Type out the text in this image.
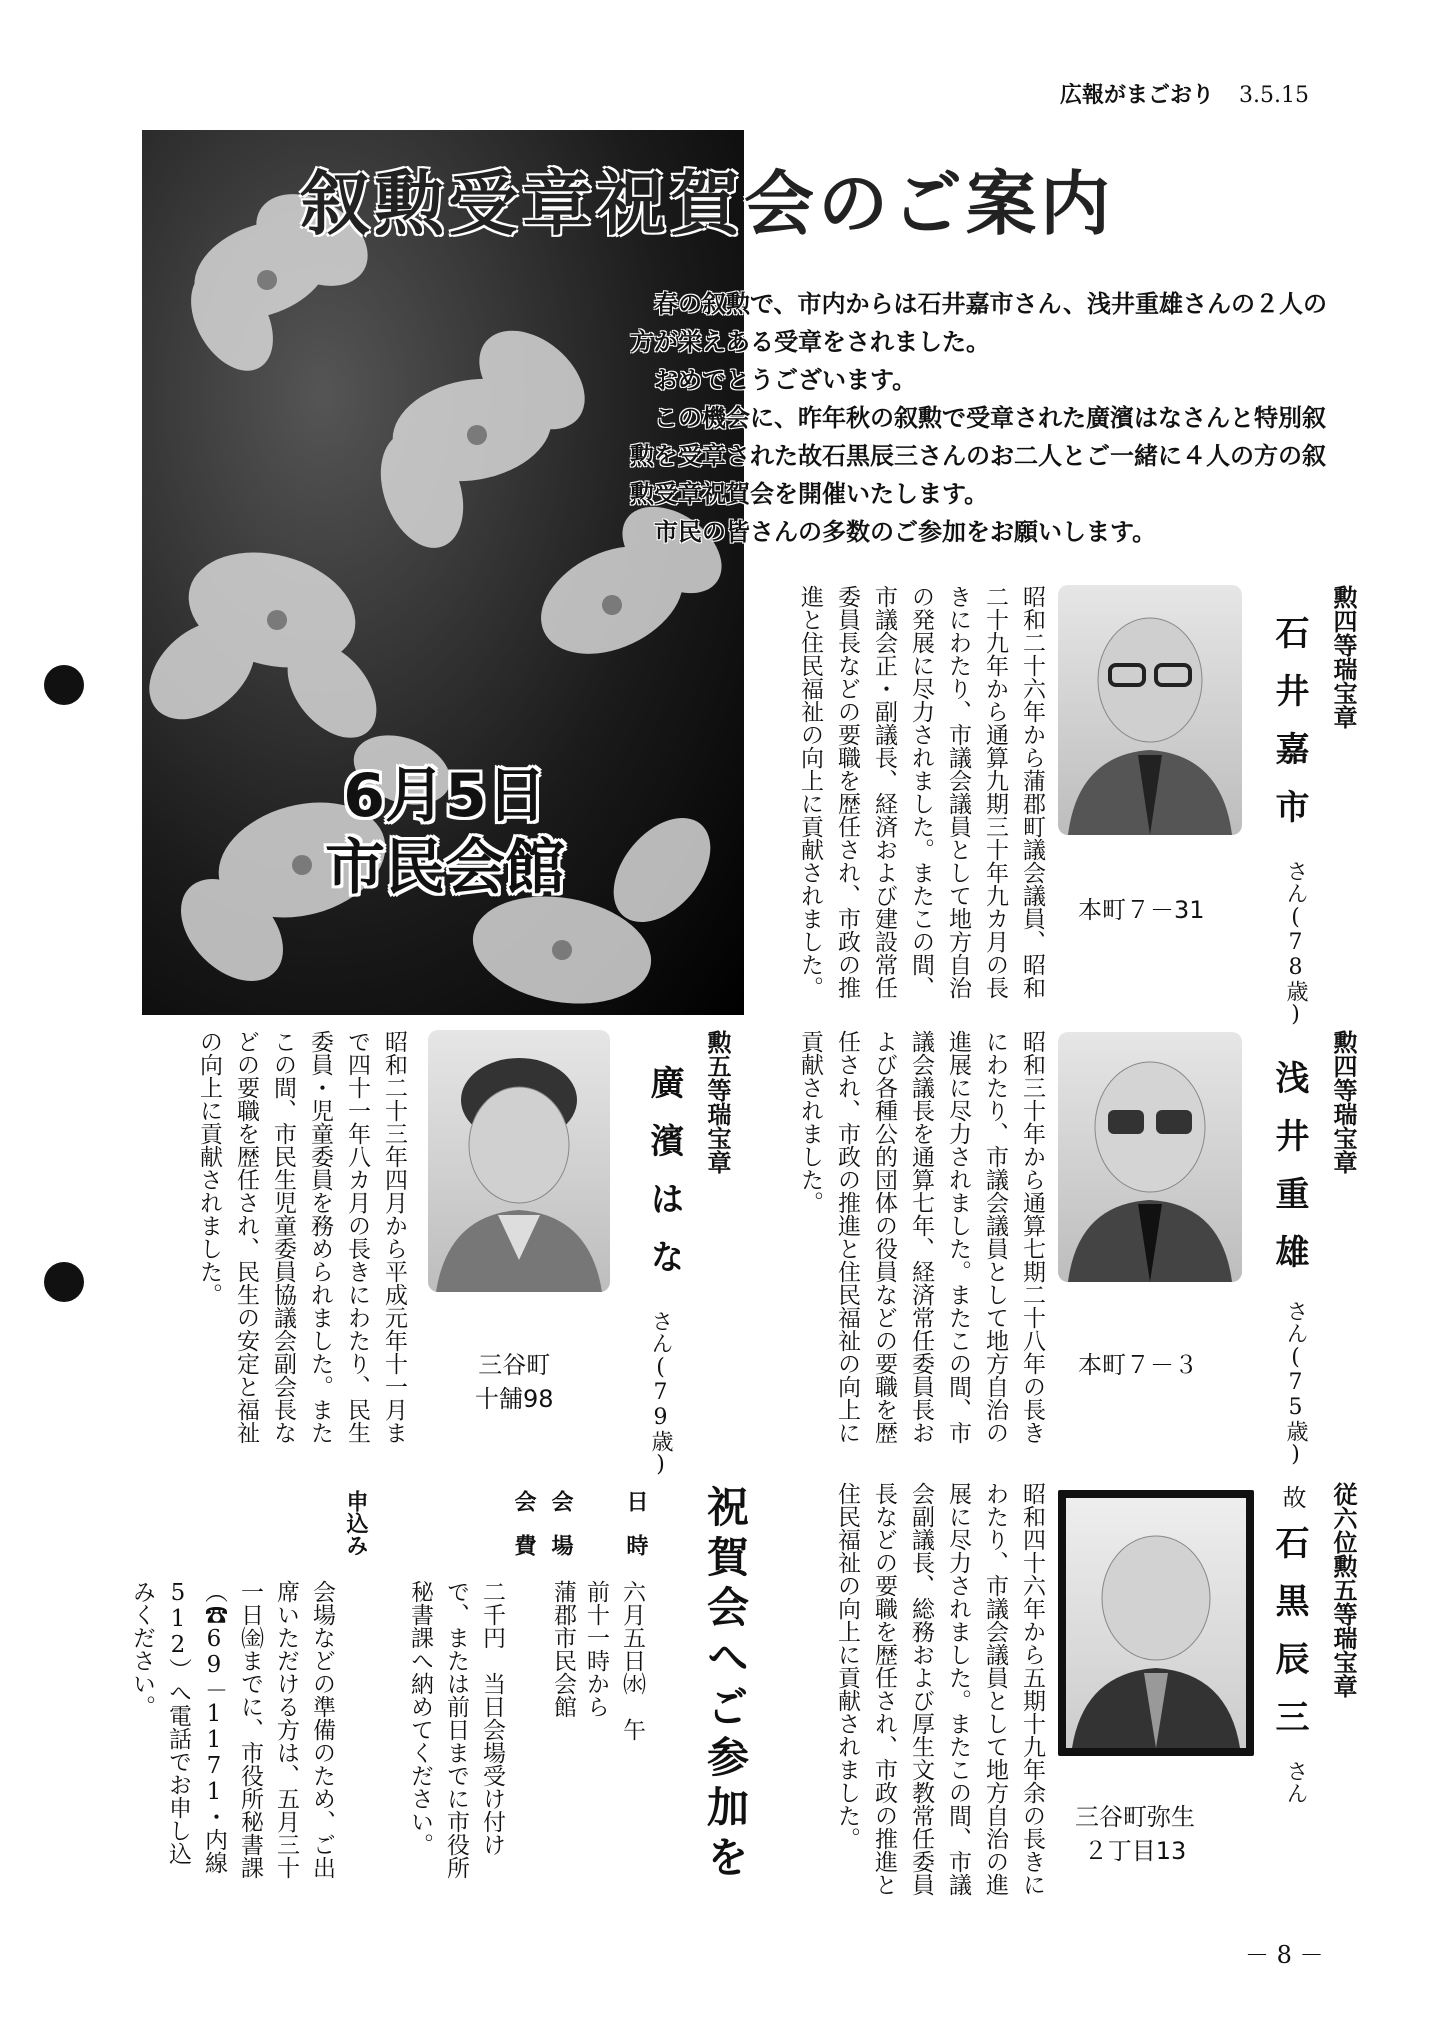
広報がまごおり 3.5.15
叙勲受章祝賀会のご案内

春の叙勲で、市内からは石井嘉市さん、浅井重雄さんの２人の方が栄えある受章をされました。

おめでとうございます。

この機会に、昨年秋の叙勲で受章された廣濱はなさんと特別叙勲を受章された故石黒辰三さんのお二人とご一緒に４人の方の叙勲受章祝賀会を開催いたします。

市民の皆さんの多数のご参加をお願いします。

6月5日
市民会館
勲四等瑞宝章
石井嘉市
さん
(78歳)
本町７－31
昭和二十六年から蒲郡町議会議員、昭和二十九年から通算九期三十年九カ月の長きにわたり、市議会議員として地方自治の発展に尽力されました。またこの間、市議会正・副議長、経済および建設常任委員長などの要職を歴任され、市政の推進と住民福祉の向上に貢献されました。
勲四等瑞宝章
浅井重雄
さん
(75歳)
本町７－３
昭和三十年から通算七期二十八年の長きにわたり、市議会議員として地方自治の進展に尽力されました。またこの間、市議会議長を通算七年、経済常任委員長および各種公的団体の役員などの要職を歴任され、市政の推進と住民福祉の向上に貢献されました。
勲五等瑞宝章
廣濱はな
さん
(79歳)
三谷町
十舗98
昭和二十三年四月から平成元年十一月まで四十一年八カ月の長きにわたり、民生委員・児童委員を務められました。またこの間、市民生児童委員協議会副会長などの要職を歴任され、民生の安定と福祉の向上に貢献されました。
従六位勲五等瑞宝章
故
石黒辰三
さん
三谷町弥生
２丁目13
昭和四十六年から五期十九年余の長きにわたり、市議会議員として地方自治の進展に尽力されました。またこの間、市議会副議長、総務および厚生文教常任委員長などの要職を歴任され、市政の推進と住民福祉の向上に貢献されました。
祝賀会へご参加を
日　時
六月五日㈬　午前十一時から
会　場
蒲郡市民会館
会　費
二千円　当日会場受け付けで、または前日までに市役所秘書課へ納めてください。
申込み
会場などの準備のため、ご出席いただける方は、五月三十一日㈮までに、市役所秘書課（☎69－1171・内線512）へ電話でお申し込みください。
－ 8 －
